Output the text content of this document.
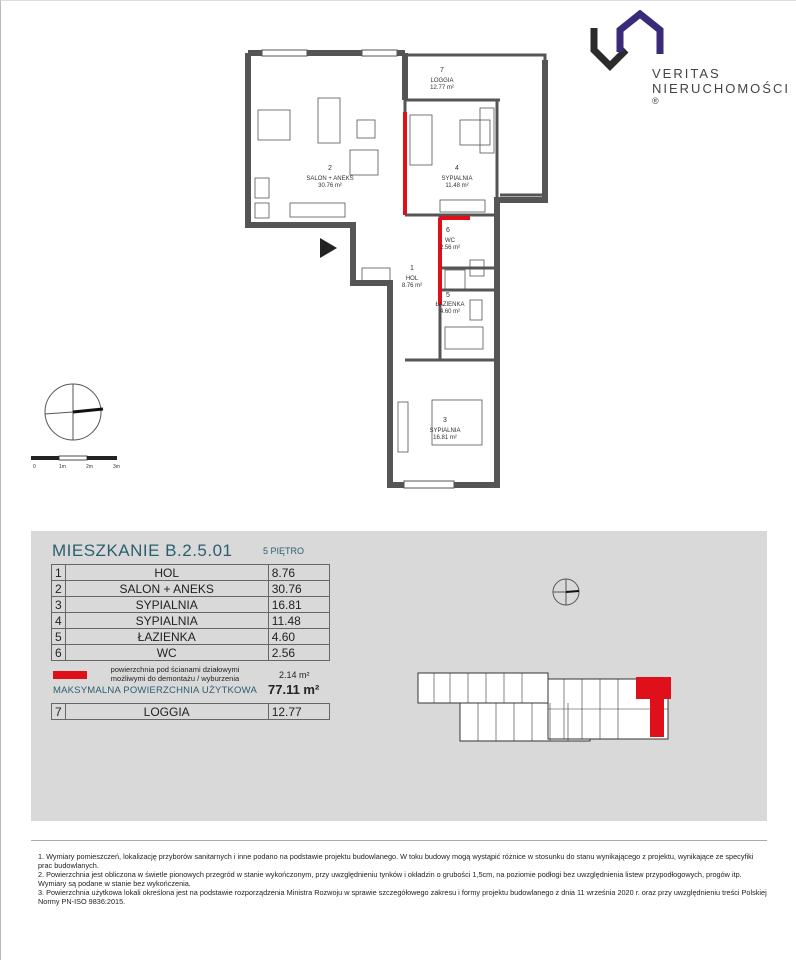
7
LOGGIA
12.77 m²
2
SALON + ANEKS
30.76 m²
4
SYPIALNIA
11.48 m²
6
WC
2.56 m²
1
HOL
8.76 m²
5
ŁAZIENKA
4.60 m²
3
SYPIALNIA
16.81 m²
0	1m	2m	3m
VERITAS
NIERUCHOMOŚCI ®
MIESZKANIE B.2.5.01	5 PIĘTRO
1	HOL	8.76
2	SALON + ANEKS	30.76
3	SYPIALNIA	16.81
4	SYPIALNIA	11.48
5	ŁAZIENKA	4.60
6	WC	2.56
powierzchnia pod ścianami działowymi
możliwymi do demontażu / wyburzenia	2.14 m²
MAKSYMALNA POWIERZCHNIA UŻYTKOWA 77.11 m²
7	LOGGIA	12.77

1. Wymiary pomieszczeń, lokalizację przyborów sanitarnych i inne podano na podstawie projektu budowlanego. W toku budowy mogą wystąpić różnice w stosunku do stanu wynikającego z projektu, wynikające ze specyfiki prac budowlanych.

2. Powierzchnia jest obliczona w świetle pionowych przegród w stanie wykończonym, przy uwzględnieniu tynków i okładzin o grubości 1,5cm, na poziomie podłogi bez uwzględnienia listew przypodłogowych, progów itp. Wymiary są podane w stanie bez wykończenia.

3. Powierzchnia użytkowa lokali określona jest na podstawie rozporządzenia Ministra Rozwoju w sprawie szczegółowego zakresu i formy projektu budowlanego z dnia 11 września 2020 r. oraz przy uwzględnieniu treści Polskiej Normy PN-ISO 9836:2015.
